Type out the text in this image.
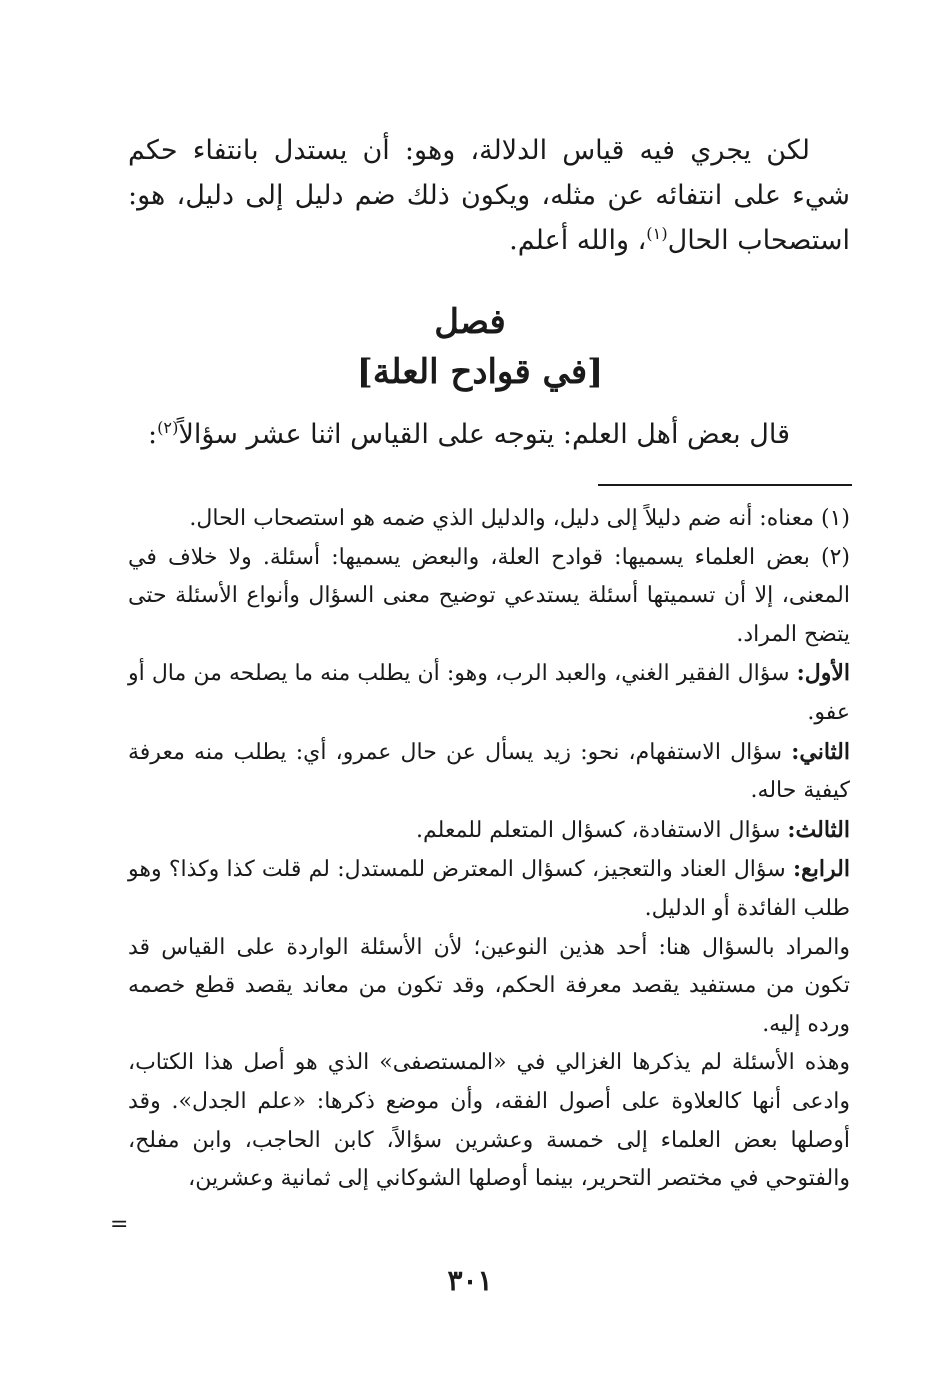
لكن يجري فيه قياس الدلالة، وهو: أن يستدل بانتفاء حكم شيء على انتفائه عن مثله، ويكون ذلك ضم دليل إلى دليل، هو: استصحاب الحال$^{(١)}$، والله أعلم.

فصل
[في قوادح العلة]
قال بعض أهل العلم: يتوجه على القياس اثنا عشر سؤالاً$^{(٢)}$:

(١) معناه: أنه ضم دليلاً إلى دليل، والدليل الذي ضمه هو استصحاب الحال.

(٢) بعض العلماء يسميها: قوادح العلة، والبعض يسميها: أسئلة. ولا خلاف في المعنى، إلا أن تسميتها أسئلة يستدعي توضيح معنى السؤال وأنواع الأسئلة حتى يتضح المراد.

الأول: سؤال الفقير الغني، والعبد الرب، وهو: أن يطلب منه ما يصلحه من مال أو عفو.

الثاني: سؤال الاستفهام، نحو: زيد يسأل عن حال عمرو، أي: يطلب منه معرفة كيفية حاله.

الثالث: سؤال الاستفادة، كسؤال المتعلم للمعلم.

الرابع: سؤال العناد والتعجيز، كسؤال المعترض للمستدل: لم قلت كذا وكذا؟ وهو طلب الفائدة أو الدليل.

والمراد بالسؤال هنا: أحد هذين النوعين؛ لأن الأسئلة الواردة على القياس قد تكون من مستفيد يقصد معرفة الحكم، وقد تكون من معاند يقصد قطع خصمه ورده إليه.

وهذه الأسئلة لم يذكرها الغزالي في «المستصفى» الذي هو أصل هذا الكتاب، وادعى أنها كالعلاوة على أصول الفقه، وأن موضع ذكرها: «علم الجدل». وقد أوصلها بعض العلماء إلى خمسة وعشرين سؤالاً، كابن الحاجب، وابن مفلح، والفتوحي في مختصر التحرير، بينما أوصلها الشوكاني إلى ثمانية وعشرين،

=
٣٠١
